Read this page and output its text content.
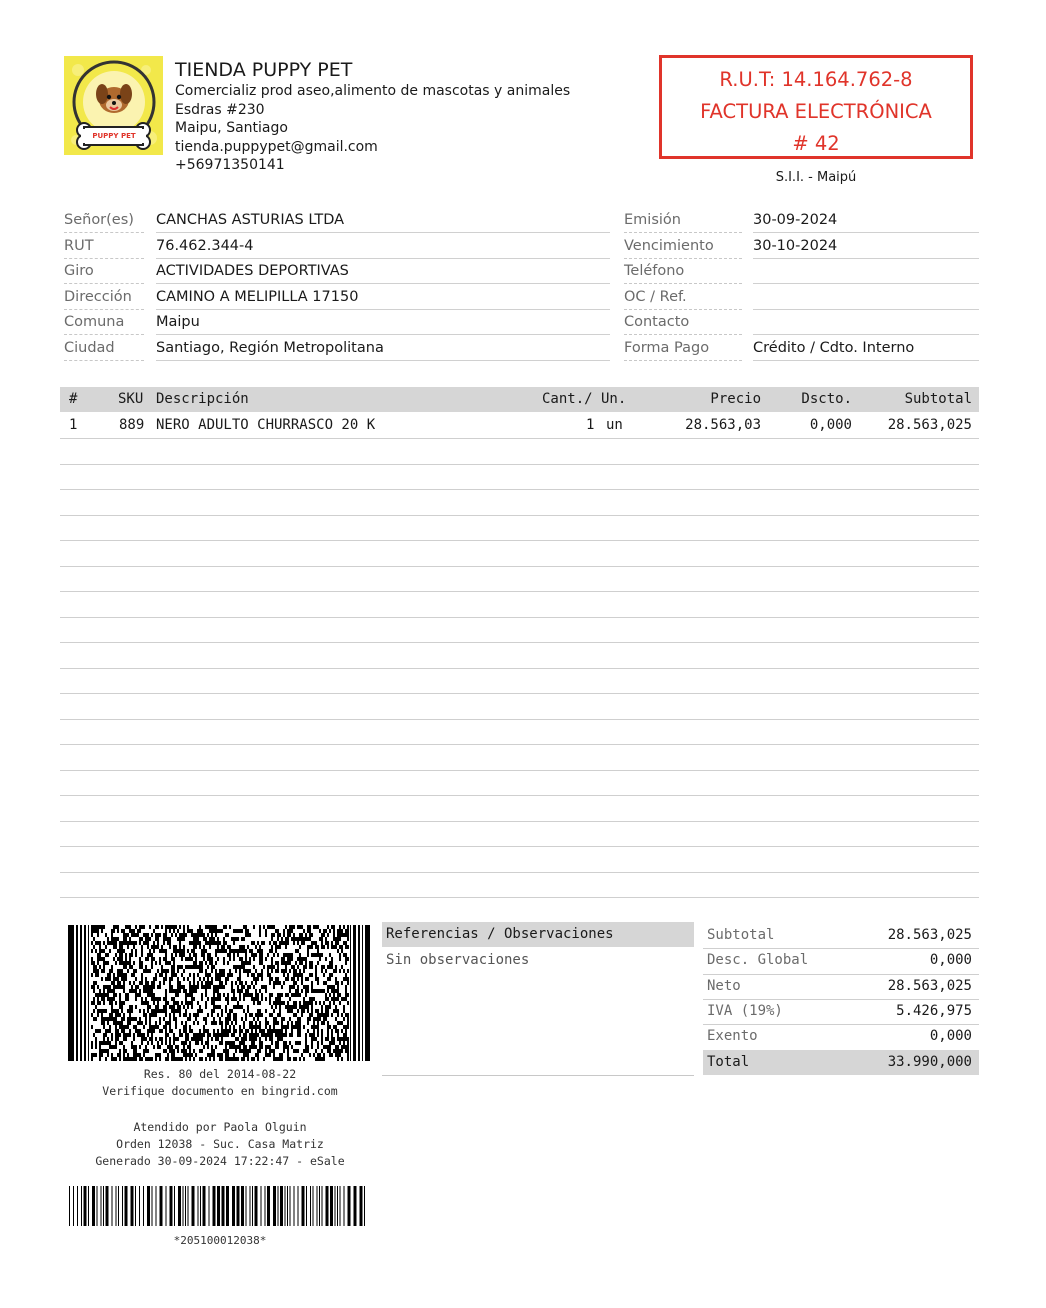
PUPPY PET
TIENDA PUPPY PET
Comercializ prod aseo,alimento de mascotas y animales
Esdras #230
Maipu, Santiago
tienda.puppypet@gmail.com
+56971350141
R.U.T: 14.164.762-8
FACTURA ELECTRÓNICA
# 42
S.I.I. - Maipú
Señor(es)	CANCHAS ASTURIAS LTDA
RUT	76.462.344-4
Giro	ACTIVIDADES DEPORTIVAS
Dirección	CAMINO A MELIPILLA 17150
Comuna	Maipu
Ciudad	Santiago, Región Metropolitana
Emisión	30-09-2024
Vencimiento	30-10-2024
Teléfono
OC / Ref.
Contacto
Forma Pago	Crédito / Cdto. Interno
#	SKU Descripción	Cant./ Un.	Precio	Dscto.	Subtotal
1	889 NERO ADULTO CHURRASCO 20 K	1 un	28.563,03	0,000	28.563,025
Res. 80 del 2014-08-22
Verifique documento en bingrid.com
Atendido por Paola Olguin
Orden 12038 - Suc. Casa Matriz
Generado 30-09-2024 17:22:47 - eSale
*205100012038*
Referencias / Observaciones
Sin observaciones
Subtotal	28.563,025
Desc. Global	0,000
Neto	28.563,025
IVA (19%)	5.426,975
Exento	0,000
Total	33.990,000
